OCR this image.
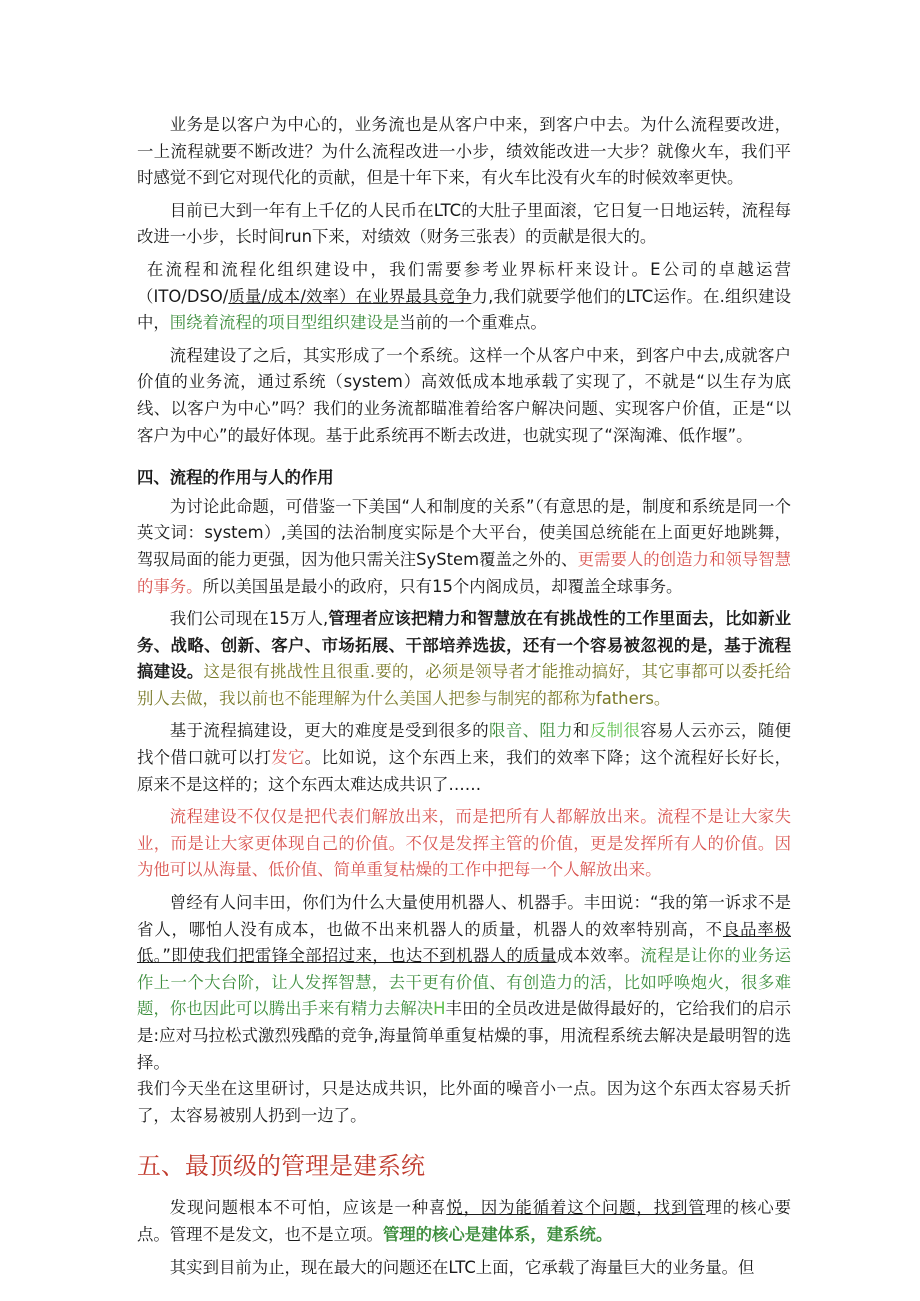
业务是以客户为中心的，业务流也是从客户中来，到客户中去。为什么流程要改进，一上流程就要不断改进？为什么流程改进一小步，绩效能改进一大步？就像火车，我们平时感觉不到它对现代化的贡献，但是十年下来，有火车比没有火车的时候效率更快。

目前已大到一年有上千亿的人民币在LTC的大肚子里面滚，它日复一日地运转，流程每改进一小步，长时间run下来，对绩效（财务三张表）的贡献是很大的。

在流程和流程化组织建设中，我们需要参考业界标杆来设计。E公司的卓越运营（ITO/DSO/质量/成本/效率）在业界最具竞争力,我们就要学他们的LTC运作。在.组织建设中，围绕着流程的项目型组织建设是当前的一个重难点。

流程建设了之后，其实形成了一个系统。这样一个从客户中来，到客户中去,成就客户价值的业务流，通过系统（system）高效低成本地承载了实现了，不就是“以生存为底线、以客户为中心”吗？我们的业务流都瞄准着给客户解决问题、实现客户价值，正是“以客户为中心”的最好体现。基于此系统再不断去改进，也就实现了“深淘滩、低作堰”。

四、流程的作用与人的作用

为讨论此命题，可借鉴一下美国“人和制度的关系”（有意思的是，制度和系统是同一个英文词：system）,美国的法治制度实际是个大平台，使美国总统能在上面更好地跳舞，驾驭局面的能力更强，因为他只需关注SyStem覆盖之外的、更需要人的创造力和领导智慧的事务。所以美国虽是最小的政府，只有15个内阁成员，却覆盖全球事务。

我们公司现在15万人,管理者应该把精力和智慧放在有挑战性的工作里面去，比如新业务、战略、创新、客户、市场拓展、干部培养选拔，还有一个容易被忽视的是，基于流程搞建设。这是很有挑战性且很重.要的，必须是领导者才能推动搞好，其它事都可以委托给别人去做，我以前也不能理解为什么美国人把参与制宪的都称为fathers。

基于流程搞建设，更大的难度是受到很多的限音、阻力和反制很容易人云亦云，随便找个借口就可以打发它。比如说，这个东西上来，我们的效率下降；这个流程好长好长，原来不是这样的；这个东西太难达成共识了……

流程建设不仅仅是把代表们解放出来，而是把所有人都解放出来。流程不是让大家失业，而是让大家更体现自己的价值。不仅是发挥主管的价值，更是发挥所有人的价值。因为他可以从海量、低价值、简单重复枯燥的工作中把每一个人解放出来。

曾经有人问丰田，你们为什么大量使用机器人、机器手。丰田说：“我的第一诉求不是省人，哪怕人没有成本，也做不出来机器人的质量，机器人的效率特别高，不良品率极低。”即使我们把雷锋全部招过来，也达不到机器人的质量成本效率。流程是让你的业务运作上一个大台阶，让人发挥智慧，去干更有价值、有创造力的活，比如呼唤炮火，很多难题，你也因此可以腾出手来有精力去解决H丰田的全员改进是做得最好的，它给我们的启示是:应对马拉松式激烈残酷的竞争,海量简单重复枯燥的事，用流程系统去解决是最明智的选择。

我们今天坐在这里研讨，只是达成共识，比外面的噪音小一点。因为这个东西太容易夭折了，太容易被别人扔到一边了。

五、最顶级的管理是建系统

发现问题根本不可怕，应该是一种喜悦，因为能循着这个问题，找到管理的核心要点。管理不是发文，也不是立项。管理的核心是建体系，建系统。

其实到目前为止，现在最大的问题还在LTC上面，它承载了海量巨大的业务量。但
